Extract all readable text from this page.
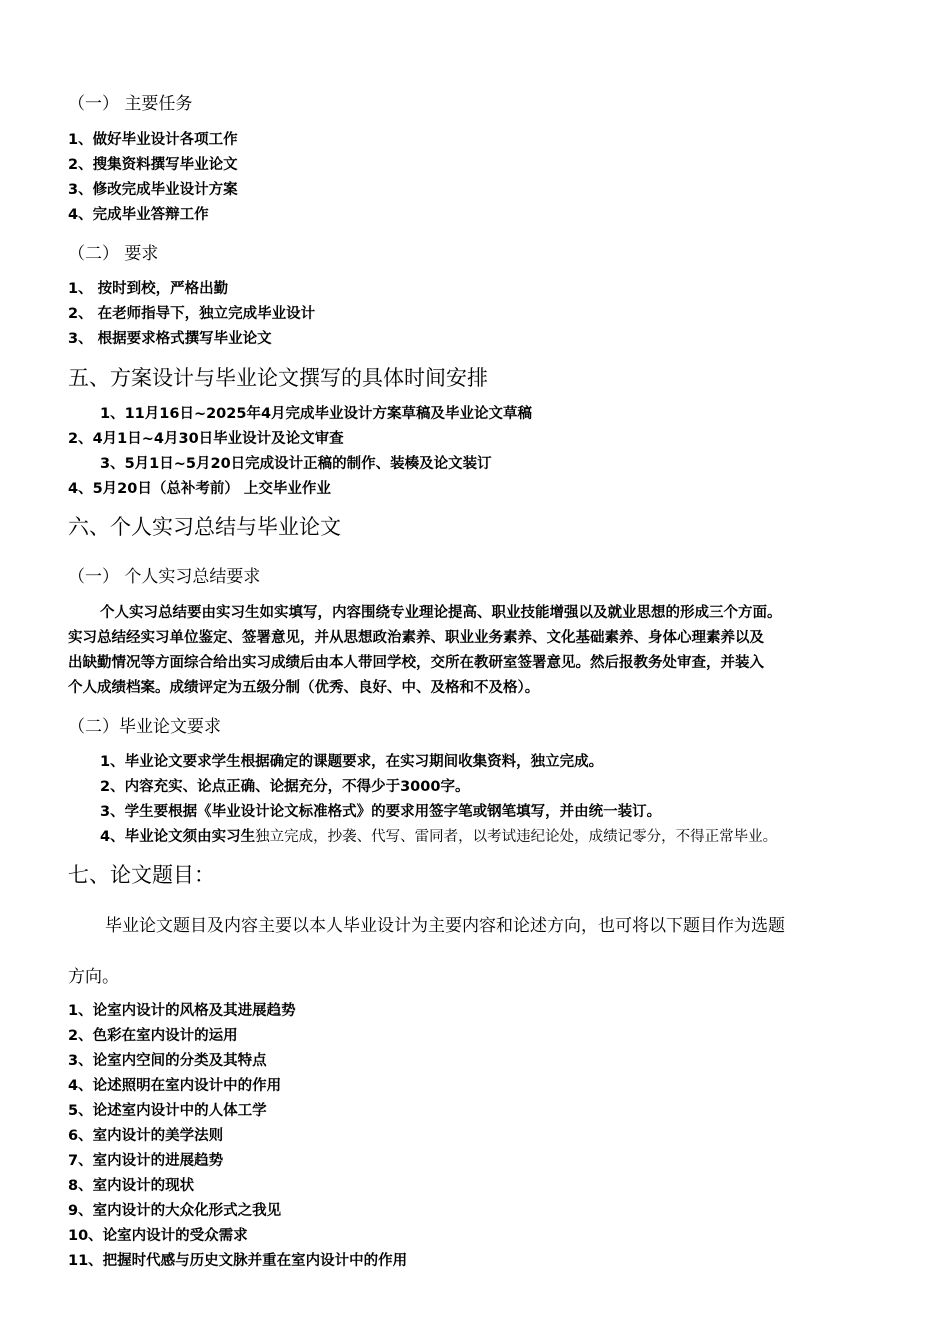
（一） 主要任务
1、做好毕业设计各项工作
2、搜集资料撰写毕业论文
3、修改完成毕业设计方案
4、完成毕业答辩工作
（二） 要求
1、 按时到校，严格出勤
2、 在老师指导下，独立完成毕业设计
3、 根据要求格式撰写毕业论文
五、方案设计与毕业论文撰写的具体时间安排
1、11月16日~2025年4月完成毕业设计方案草稿及毕业论文草稿
2、4月1日~4月30日毕业设计及论文审查
3、5月1日~5月20日完成设计正稿的制作、装楱及论文装订
4、5月20日（总补考前） 上交毕业作业
六、个人实习总结与毕业论文
（一） 个人实习总结要求
个人实习总结要由实习生如实填写，内容围绕专业理论提高、职业技能增强以及就业思想的形成三个方面。
实习总结经实习单位鉴定、签署意见，并从思想政治素养、职业业务素养、文化基础素养、身体心理素养以及
出缺勤情况等方面综合给出实习成绩后由本人带回学校，交所在教研室签署意见。然后报教务处审查，并装入
个人成绩档案。成绩评定为五级分制（优秀、良好、中、及格和不及格）。
（二）毕业论文要求
1、毕业论文要求学生根据确定的课题要求，在实习期间收集资料，独立完成。
2、内容充实、论点正确、论据充分，不得少于3000字。
3、学生要根据《毕业设计论文标准格式》的要求用签字笔或钢笔填写，并由统一装订。
4、毕业论文须由实习生独立完成，抄袭、代写、雷同者，以考试违纪论处，成绩记零分，不得正常毕业。
七、论文题目：
毕业论文题目及内容主要以本人毕业设计为主要内容和论述方向，也可将以下题目作为选题
方向。
1、论室内设计的风格及其进展趋势
2、色彩在室内设计的运用
3、论室内空间的分类及其特点
4、论述照明在室内设计中的作用
5、论述室内设计中的人体工学
6、室内设计的美学法则
7、室内设计的进展趋势
8、室内设计的现状
9、室内设计的大众化形式之我见
10、论室内设计的受众需求
11、把握时代感与历史文脉并重在室内设计中的作用
